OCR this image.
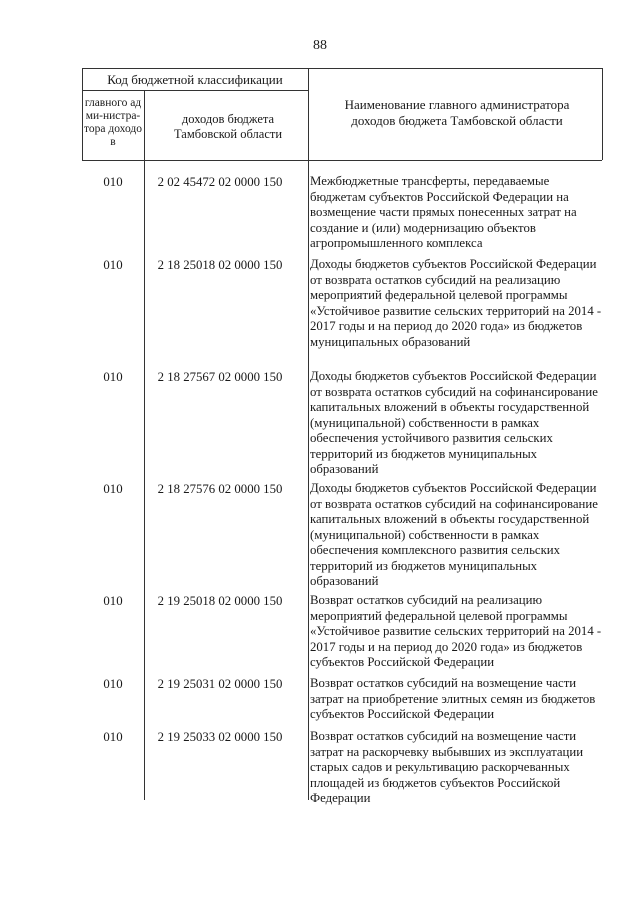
88
Код бюджетной классификации
главного адми-нистра-тора доходов
доходов бюджета Тамбовской области
Наименование главного администратора доходов бюджета Тамбовской области
010	2 02 45472 02 0000 150	Межбюджетные трансферты, передаваемые бюджетам субъектов Российской Федерации на возмещение части прямых понесенных затрат на создание и (или) модернизацию объектов агропромышленного комплекса
010	2 18 25018 02 0000 150	Доходы бюджетов субъектов Российской Федерации от возврата остатков субсидий на реализацию мероприятий федеральной целевой программы «Устойчивое развитие сельских территорий на 2014 - 2017 годы и на период до 2020 года» из бюджетов муниципальных образований
010	2 18 27567 02 0000 150	Доходы бюджетов субъектов Российской Федерации от возврата остатков субсидий на софинансирование капитальных вложений в объекты государственной (муниципальной) собственности в рамках обеспечения устойчивого развития сельских территорий из бюджетов муниципальных образований
010	2 18 27576 02 0000 150	Доходы бюджетов субъектов Российской Федерации от возврата остатков субсидий на софинансирование капитальных вложений в объекты государственной (муниципальной) собственности в рамках обеспечения комплексного развития сельских территорий из бюджетов муниципальных образований
010	2 19 25018 02 0000 150	Возврат остатков субсидий на реализацию мероприятий федеральной целевой программы «Устойчивое развитие сельских территорий на 2014 - 2017 годы и на период до 2020 года» из бюджетов субъектов Российской Федерации
010	2 19 25031 02 0000 150	Возврат остатков субсидий на возмещение части затрат на приобретение элитных семян из бюджетов субъектов Российской Федерации
010	2 19 25033 02 0000 150	Возврат остатков субсидий на возмещение части затрат на раскорчевку выбывших из эксплуатации старых садов и рекультивацию раскорчеванных площадей из бюджетов субъектов Российской Федерации
